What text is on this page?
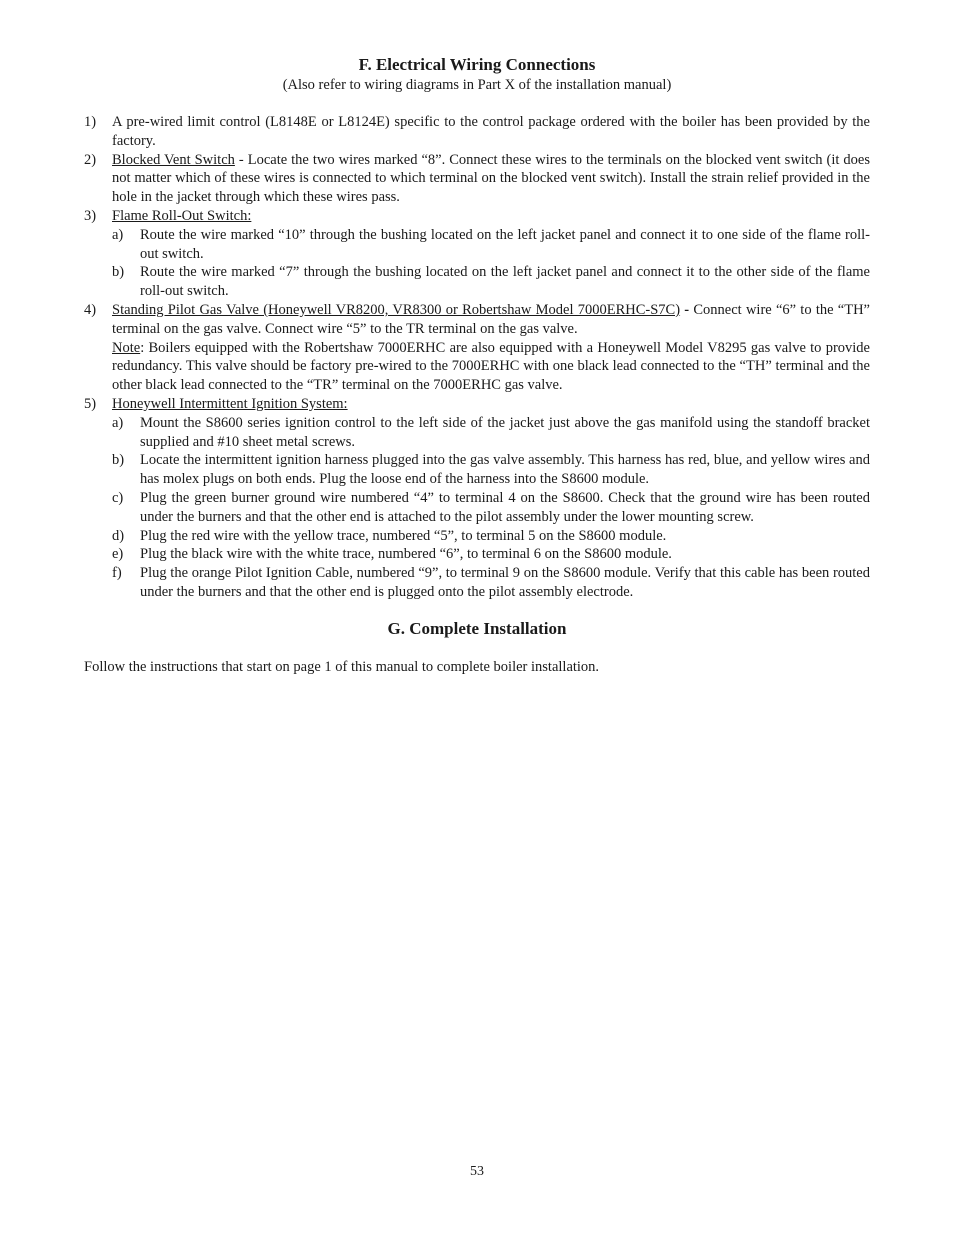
F. Electrical Wiring Connections
(Also refer to wiring diagrams in Part X of the installation manual)
1) A pre-wired limit control (L8148E or L8124E) specific to the control package ordered with the boiler has been provided by the factory.
2) Blocked Vent Switch - Locate the two wires marked “8”. Connect these wires to the terminals on the blocked vent switch (it does not matter which of these wires is connected to which terminal on the blocked vent switch). Install the strain relief provided in the hole in the jacket through which these wires pass.
3) Flame Roll-Out Switch:
a) Route the wire marked “10” through the bushing located on the left jacket panel and connect it to one side of the flame roll-out switch.
b) Route the wire marked “7” through the bushing located on the left jacket panel and connect it to the other side of the flame roll-out switch.
4) Standing Pilot Gas Valve (Honeywell VR8200, VR8300 or Robertshaw Model 7000ERHC-S7C) - Connect wire “6” to the “TH” terminal on the gas valve. Connect wire “5” to the TR terminal on the gas valve.

Note: Boilers equipped with the Robertshaw 7000ERHC are also equipped with a Honeywell Model V8295 gas valve to provide redundancy. This valve should be factory pre-wired to the 7000ERHC with one black lead connected to the “TH” terminal and the other black lead connected to the “TR” terminal on the 7000ERHC gas valve.

5) Honeywell Intermittent Ignition System:
a) Mount the S8600 series ignition control to the left side of the jacket just above the gas manifold using the standoff bracket supplied and #10 sheet metal screws.
b) Locate the intermittent ignition harness plugged into the gas valve assembly. This harness has red, blue, and yellow wires and has molex plugs on both ends. Plug the loose end of the harness into the S8600 module.
c) Plug the green burner ground wire numbered “4” to terminal 4 on the S8600. Check that the ground wire has been routed under the burners and that the other end is attached to the pilot assembly under the lower mounting screw.
d) Plug the red wire with the yellow trace, numbered “5”, to terminal 5 on the S8600 module.
e) Plug the black wire with the white trace, numbered “6”, to terminal 6 on the S8600 module.
f) Plug the orange Pilot Ignition Cable, numbered “9”, to terminal 9 on the S8600 module. Verify that this cable has been routed under the burners and that the other end is plugged onto the pilot assembly electrode.
G. Complete Installation
Follow the instructions that start on page 1 of this manual to complete boiler installation.
53
